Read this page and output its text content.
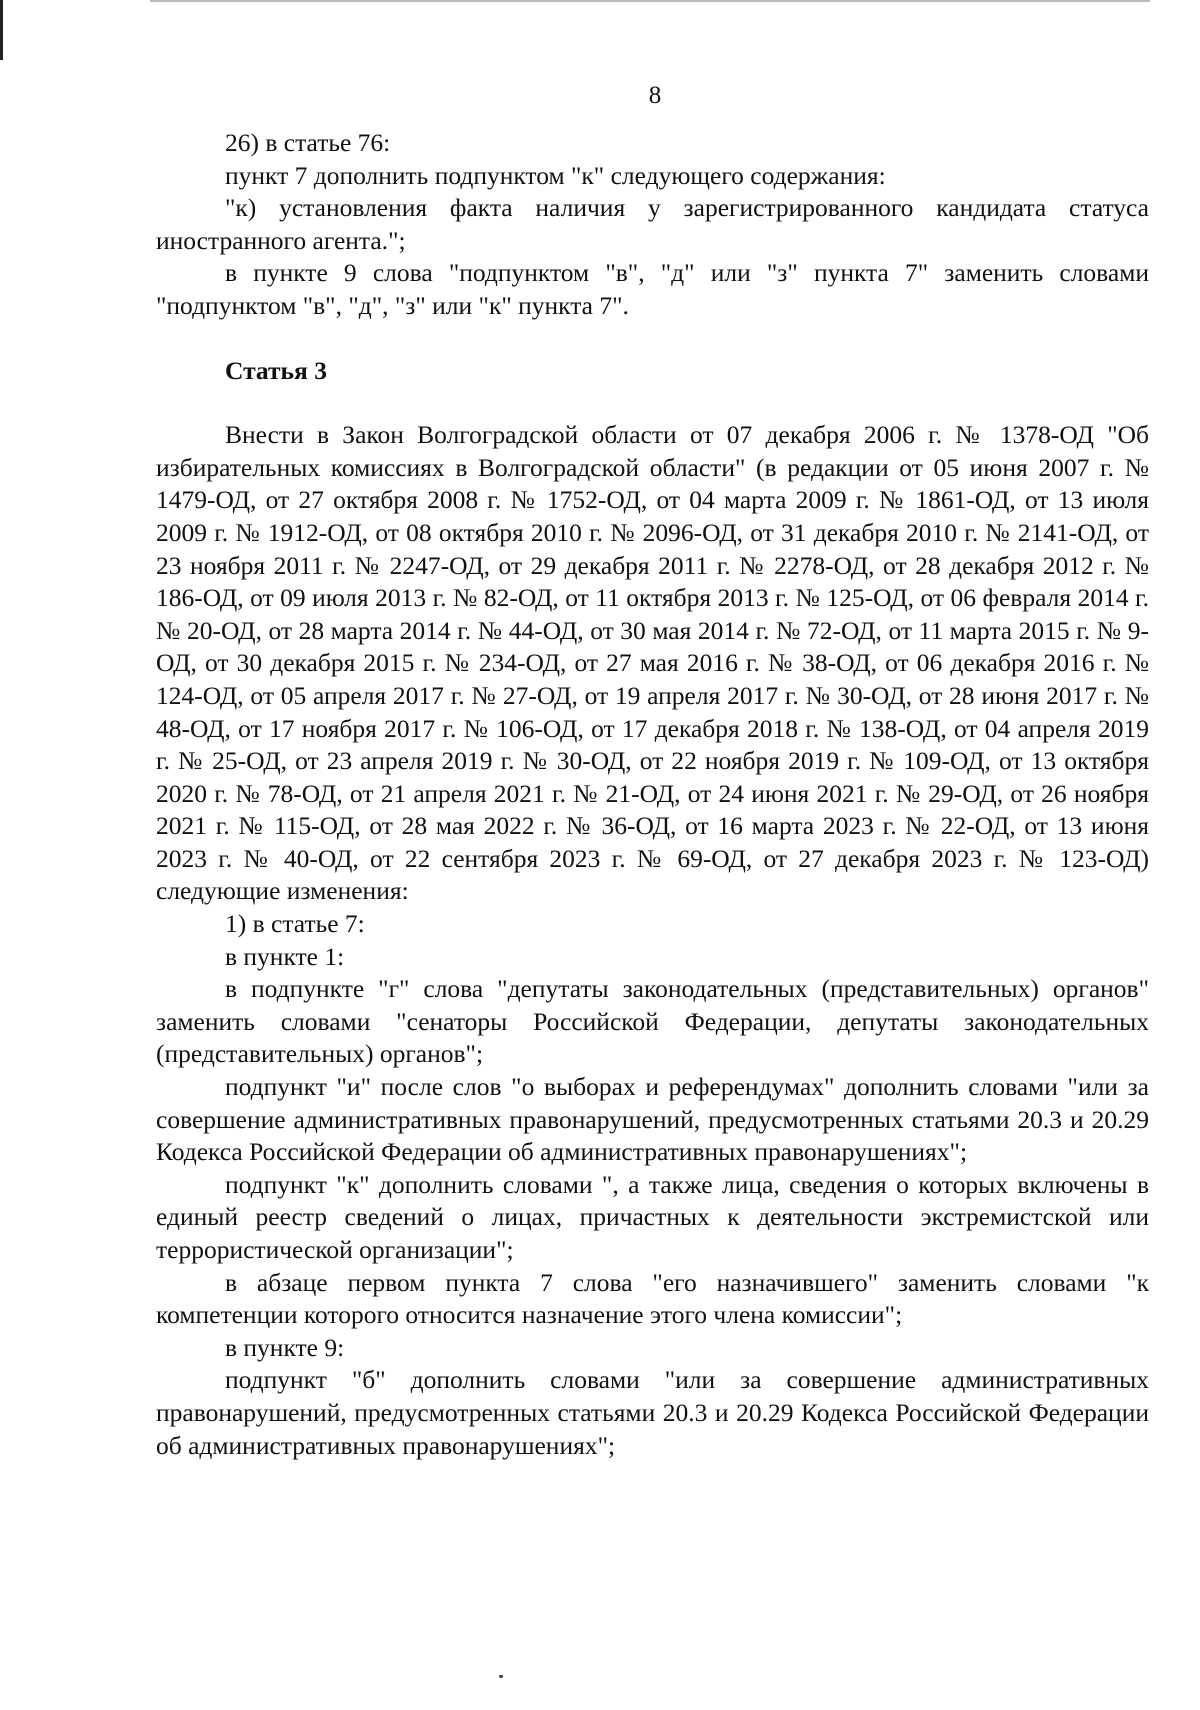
8

26) в статье 76:

пункт 7 дополнить подпунктом "к" следующего содержания:

"к) установления факта наличия у зарегистрированного кандидата статуса иностранного агента.";

в пункте 9 слова "подпунктом "в", "д" или "з" пункта 7" заменить словами "подпунктом "в", "д", "з" или "к" пункта 7".

Статья 3

Внести в Закон Волгоградской области от 07 декабря 2006 г. № 1378-ОД "Об избирательных комиссиях в Волгоградской области" (в редакции от 05 июня 2007 г. № 1479-ОД, от 27 октября 2008 г. № 1752-ОД, от 04 марта 2009 г. № 1861-ОД, от 13 июля 2009 г. № 1912-ОД, от 08 октября 2010 г. № 2096-ОД, от 31 декабря 2010 г. № 2141-ОД, от 23 ноября 2011 г. № 2247-ОД, от 29 декабря 2011 г. № 2278-ОД, от 28 декабря 2012 г. № 186-ОД, от 09 июля 2013 г. № 82-ОД, от 11 октября 2013 г. № 125-ОД, от 06 февраля 2014 г. № 20-ОД, от 28 марта 2014 г. № 44-ОД, от 30 мая 2014 г. № 72-ОД, от 11 марта 2015 г. № 9-ОД, от 30 декабря 2015 г. № 234-ОД, от 27 мая 2016 г. № 38-ОД, от 06 декабря 2016 г. № 124-ОД, от 05 апреля 2017 г. № 27-ОД, от 19 апреля 2017 г. № 30-ОД, от 28 июня 2017 г. № 48-ОД, от 17 ноября 2017 г. № 106-ОД, от 17 декабря 2018 г. № 138-ОД, от 04 апреля 2019 г. № 25-ОД, от 23 апреля 2019 г. № 30-ОД, от 22 ноября 2019 г. № 109-ОД, от 13 октября 2020 г. № 78-ОД, от 21 апреля 2021 г. № 21-ОД, от 24 июня 2021 г. № 29-ОД, от 26 ноября 2021 г. № 115-ОД, от 28 мая 2022 г. № 36-ОД, от 16 марта 2023 г. № 22-ОД, от 13 июня 2023 г. № 40-ОД, от 22 сентября 2023 г. № 69-ОД, от 27 декабря 2023 г. № 123-ОД) следующие изменения:

1) в статье 7:

в пункте 1:

в подпункте "г" слова "депутаты законодательных (представительных) органов" заменить словами "сенаторы Российской Федерации, депутаты законодательных (представительных) органов";

подпункт "и" после слов "о выборах и референдумах" дополнить словами "или за совершение административных правонарушений, предусмотренных статьями 20.3 и 20.29 Кодекса Российской Федерации об административных правонарушениях";

подпункт "к" дополнить словами ", а также лица, сведения о которых включены в единый реестр сведений о лицах, причастных к деятельности экстремистской или террористической организации";

в абзаце первом пункта 7 слова "его назначившего" заменить словами "к компетенции которого относится назначение этого члена комиссии";

в пункте 9:

подпункт "б" дополнить словами "или за совершение административных правонарушений, предусмотренных статьями 20.3 и 20.29 Кодекса Российской Федерации об административных правонарушениях";
